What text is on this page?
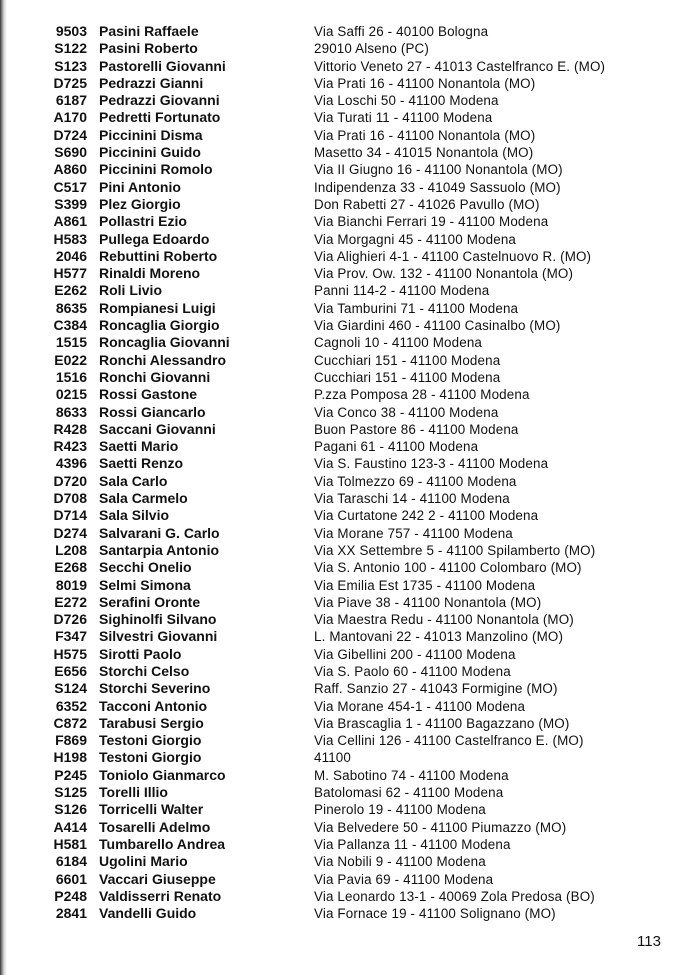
9503 Pasini Raffaele	Via Saffi 26 - 40100 Bologna
S122 Pasini Roberto	29010 Alseno (PC)
S123 Pastorelli Giovanni	Vittorio Veneto 27 - 41013 Castelfranco E. (MO)
D725 Pedrazzi Gianni	Via Prati 16 - 41100 Nonantola (MO)
6187 Pedrazzi Giovanni	Via Loschi 50 - 41100 Modena
A170 Pedretti Fortunato	Via Turati 11 - 41100 Modena
D724 Piccinini Disma	Via Prati 16 - 41100 Nonantola (MO)
S690 Piccinini Guido	Masetto 34 - 41015 Nonantola (MO)
A860 Piccinini Romolo	Via II Giugno 16 - 41100 Nonantola (MO)
C517 Pini Antonio	Indipendenza 33 - 41049 Sassuolo (MO)
S399 Plez Giorgio	Don Rabetti 27 - 41026 Pavullo (MO)
A861 Pollastri Ezio	Via Bianchi Ferrari 19 - 41100 Modena
H583 Pullega Edoardo	Via Morgagni 45 - 41100 Modena
2046 Rebuttini Roberto	Via Alighieri 4-1 - 41100 Castelnuovo R. (MO)
H577 Rinaldi Moreno	Via Prov. Ow. 132 - 41100 Nonantola (MO)
E262 Roli Livio	Panni 114-2 - 41100 Modena
8635 Rompianesi Luigi	Via Tamburini 71 - 41100 Modena
C384 Roncaglia Giorgio	Via Giardini 460 - 41100 Casinalbo (MO)
1515 Roncaglia Giovanni	Cagnoli 10 - 41100 Modena
E022 Ronchi Alessandro	Cucchiari 151 - 41100 Modena
1516 Ronchi Giovanni	Cucchiari 151 - 41100 Modena
0215 Rossi Gastone	P.zza Pomposa 28 - 41100 Modena
8633 Rossi Giancarlo	Via Conco 38 - 41100 Modena
R428 Saccani Giovanni	Buon Pastore 86 - 41100 Modena
R423 Saetti Mario	Pagani 61 - 41100 Modena
4396 Saetti Renzo	Via S. Faustino 123-3 - 41100 Modena
D720 Sala Carlo	Via Tolmezzo 69 - 41100 Modena
D708 Sala Carmelo	Via Taraschi 14 - 41100 Modena
D714 Sala Silvio	Via Curtatone 242 2 - 41100 Modena
D274 Salvarani G. Carlo	Via Morane 757 - 41100 Modena
L208 Santarpia Antonio	Via XX Settembre 5 - 41100 Spilamberto (MO)
E268 Secchi Onelio	Via S. Antonio 100 - 41100 Colombaro (MO)
8019 Selmi Simona	Via Emilia Est 1735 - 41100 Modena
E272 Serafini Oronte	Via Piave 38 - 41100 Nonantola (MO)
D726 Sighinolfi Silvano	Via Maestra Redu - 41100 Nonantola (MO)
F347 Silvestri Giovanni	L. Mantovani 22 - 41013 Manzolino (MO)
H575 Sirotti Paolo	Via Gibellini 200 - 41100 Modena
E656 Storchi Celso	Via S. Paolo 60 - 41100 Modena
S124 Storchi Severino	Raff. Sanzio 27 - 41043 Formigine (MO)
6352 Tacconi Antonio	Via Morane 454-1 - 41100 Modena
C872 Tarabusi Sergio	Via Brascaglia 1 - 41100 Bagazzano (MO)
F869 Testoni Giorgio	Via Cellini 126 - 41100 Castelfranco E. (MO)
H198 Testoni Giorgio	41100
P245 Toniolo Gianmarco	M. Sabotino 74 - 41100 Modena
S125 Torelli Illio	Batolomasi 62 - 41100 Modena
S126 Torricelli Walter	Pinerolo 19 - 41100 Modena
A414 Tosarelli Adelmo	Via Belvedere 50 - 41100 Piumazzo (MO)
H581 Tumbarello Andrea	Via Pallanza 11 - 41100 Modena
6184 Ugolini Mario	Via Nobili 9 - 41100 Modena
6601 Vaccari Giuseppe	Via Pavia 69 - 41100 Modena
P248 Valdisserri Renato	Via Leonardo 13-1 - 40069 Zola Predosa (BO)
2841 Vandelli Guido	Via Fornace 19 - 41100 Solignano (MO)
113
